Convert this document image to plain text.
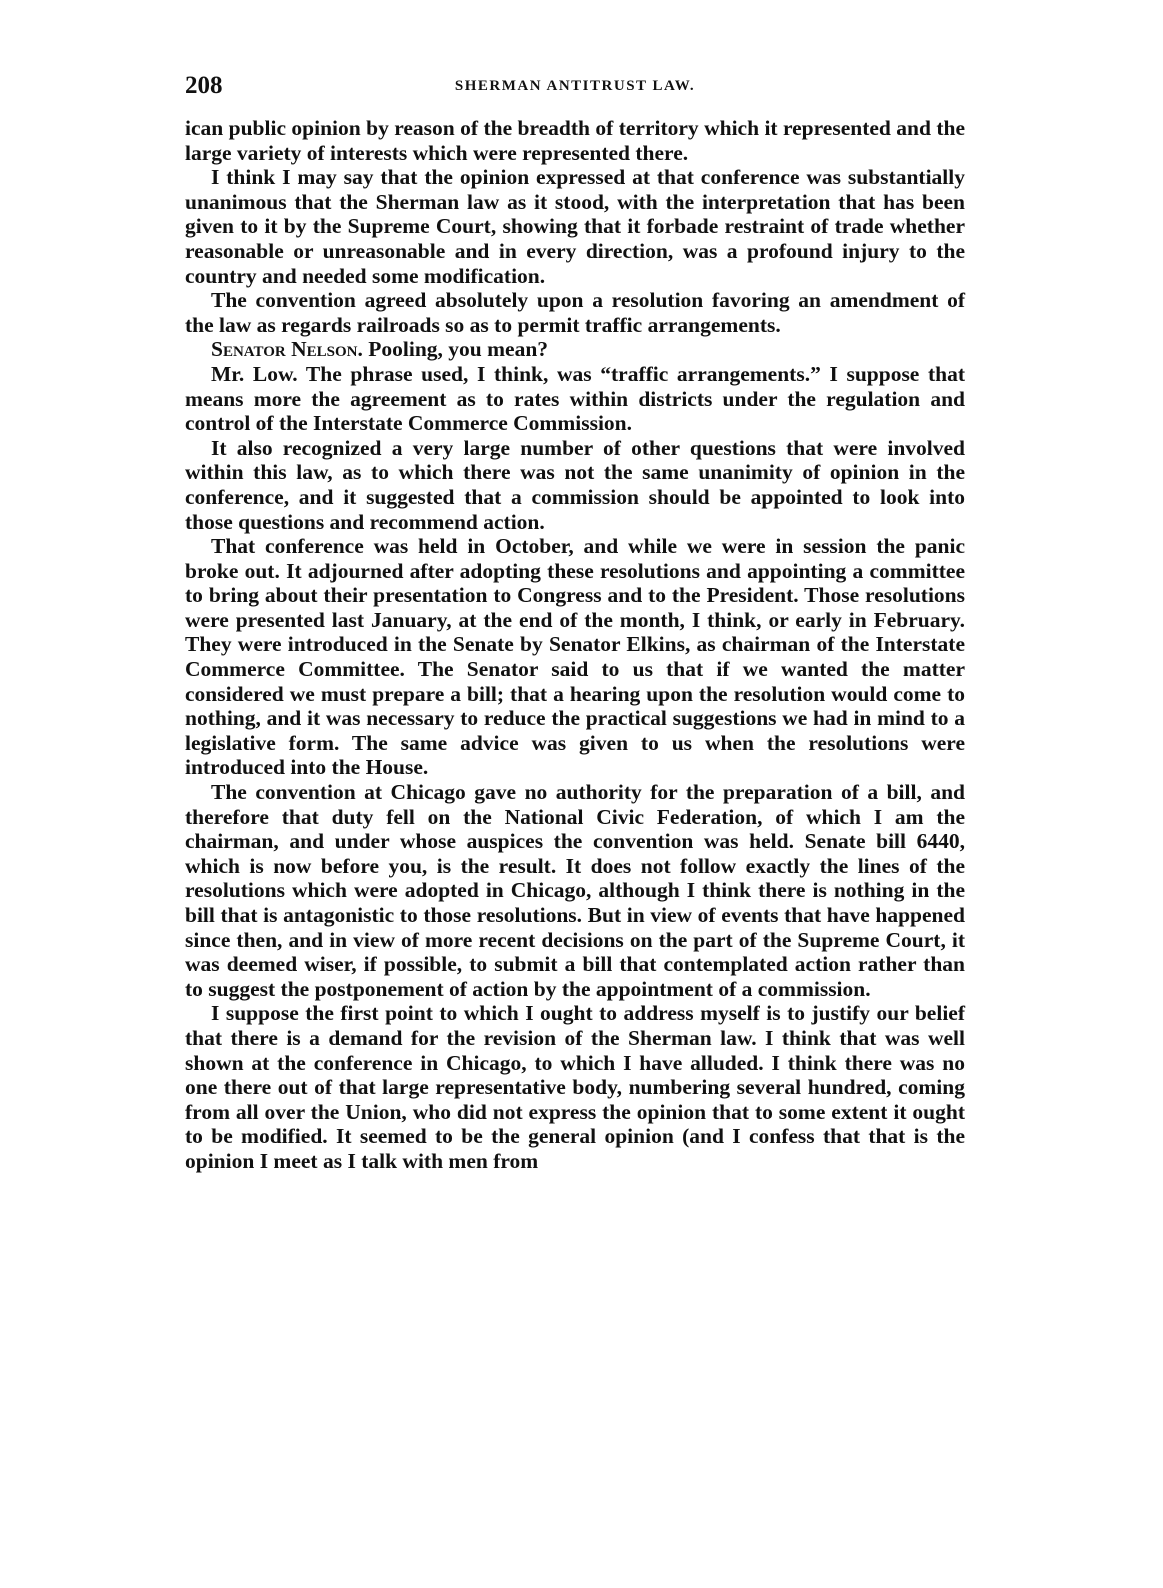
208	SHERMAN ANTITRUST LAW.

ican public opinion by reason of the breadth of territory which it represented and the large variety of interests which were represented there.

I think I may say that the opinion expressed at that conference was substantially unanimous that the Sherman law as it stood, with the interpretation that has been given to it by the Supreme Court, showing that it forbade restraint of trade whether reasonable or unreasonable and in every direction, was a profound injury to the country and needed some modification.

The convention agreed absolutely upon a resolution favoring an amendment of the law as regards railroads so as to permit traffic arrangements.

Senator Nelson. Pooling, you mean?

Mr. Low. The phrase used, I think, was “traffic arrangements.” I suppose that means more the agreement as to rates within districts under the regulation and control of the Interstate Commerce Commission.

It also recognized a very large number of other questions that were involved within this law, as to which there was not the same unanimity of opinion in the conference, and it suggested that a commission should be appointed to look into those questions and recommend action.

That conference was held in October, and while we were in session the panic broke out. It adjourned after adopting these resolutions and appointing a committee to bring about their presentation to Congress and to the President. Those resolutions were presented last January, at the end of the month, I think, or early in February. They were introduced in the Senate by Senator Elkins, as chairman of the Interstate Commerce Committee. The Senator said to us that if we wanted the matter considered we must prepare a bill; that a hearing upon the resolution would come to nothing, and it was necessary to reduce the practical suggestions we had in mind to a legislative form. The same advice was given to us when the resolutions were introduced into the House.

The convention at Chicago gave no authority for the preparation of a bill, and therefore that duty fell on the National Civic Federation, of which I am the chairman, and under whose auspices the convention was held. Senate bill 6440, which is now before you, is the result. It does not follow exactly the lines of the resolutions which were adopted in Chicago, although I think there is nothing in the bill that is antagonistic to those resolutions. But in view of events that have happened since then, and in view of more recent decisions on the part of the Supreme Court, it was deemed wiser, if possible, to submit a bill that contemplated action rather than to suggest the postponement of action by the appointment of a commission.

I suppose the first point to which I ought to address myself is to justify our belief that there is a demand for the revision of the Sherman law. I think that was well shown at the conference in Chicago, to which I have alluded. I think there was no one there out of that large representative body, numbering several hundred, coming from all over the Union, who did not express the opinion that to some extent it ought to be modified. It seemed to be the general opinion (and I confess that that is the opinion I meet as I talk with men from
